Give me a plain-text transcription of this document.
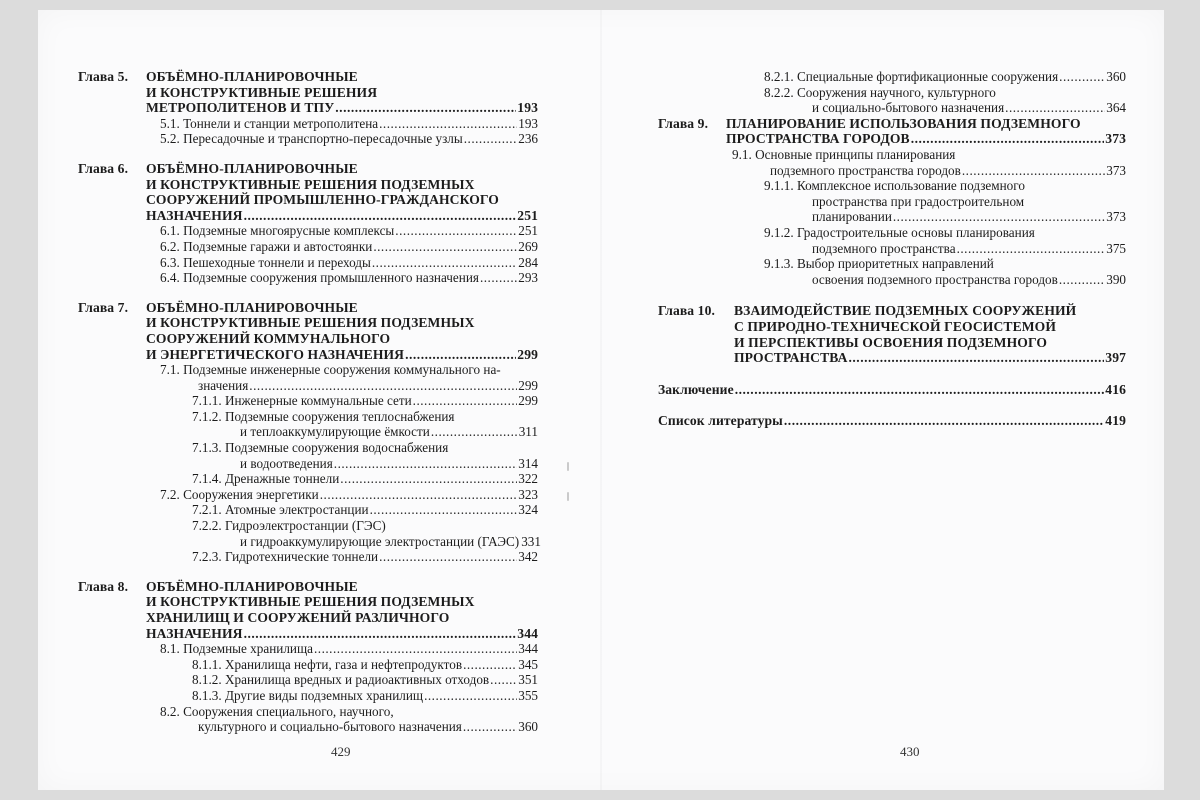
Глава 5.	ОБЪЁМНО-ПЛАНИРОВОЧНЫЕ
И КОНСТРУКТИВНЫЕ РЕШЕНИЯ
МЕТРОПОЛИТЕНОВ И ТПУ .....	193
5.1. Тоннели и станции метрополитена .....	193
5.2. Пересадочные и транспортно-пересадочные узлы .....	236
Глава 6.	ОБЪЁМНО-ПЛАНИРОВОЧНЫЕ
И КОНСТРУКТИВНЫЕ РЕШЕНИЯ ПОДЗЕМНЫХ
СООРУЖЕНИЙ ПРОМЫШЛЕННО-ГРАЖДАНСКОГО
НАЗНАЧЕНИЯ .....	251
6.1. Подземные многоярусные комплексы .....	251
6.2. Подземные гаражи и автостоянки .....	269
6.3. Пешеходные тоннели и переходы .....	284
6.4. Подземные сооружения промышленного назначения .....	293
Глава 7.	ОБЪЁМНО-ПЛАНИРОВОЧНЫЕ
И КОНСТРУКТИВНЫЕ РЕШЕНИЯ ПОДЗЕМНЫХ
СООРУЖЕНИЙ КОММУНАЛЬНОГО
И ЭНЕРГЕТИЧЕСКОГО НАЗНАЧЕНИЯ .....	299
7.1. Подземные инженерные сооружения коммунального на-
значения .....	299
7.1.1. Инженерные коммунальные сети .....	299
7.1.2. Подземные сооружения теплоснабжения
и теплоаккумулирующие ёмкости .....	311
7.1.3. Подземные сооружения водоснабжения
и водоотведения .....	314
7.1.4. Дренажные тоннели .....	322
7.2. Сооружения энергетики .....	323
7.2.1. Атомные электростанции .....	324
7.2.2. Гидроэлектростанции (ГЭС)
и гидроаккумулирующие электростанции (ГАЭС) 331
7.2.3. Гидротехнические тоннели .....	342
Глава 8.	ОБЪЁМНО-ПЛАНИРОВОЧНЫЕ
И КОНСТРУКТИВНЫЕ РЕШЕНИЯ ПОДЗЕМНЫХ
ХРАНИЛИЩ И СООРУЖЕНИЙ РАЗЛИЧНОГО
НАЗНАЧЕНИЯ .....	344
8.1. Подземные хранилища .....	344
8.1.1. Хранилища нефти, газа и нефтепродуктов .....	345
8.1.2. Хранилища вредных и радиоактивных отходов ..... 351
8.1.3. Другие виды подземных хранилищ .....	355
8.2. Сооружения специального, научного,
культурного и социально-бытового назначения .....	360
429
8.2.1. Специальные фортификационные сооружения .....	360
8.2.2. Сооружения научного, культурного
и социально-бытового назначения .....	364
Глава 9.	ПЛАНИРОВАНИЕ ИСПОЛЬЗОВАНИЯ ПОДЗЕМНОГО
ПРОСТРАНСТВА ГОРОДОВ .....	373
9.1. Основные принципы планирования
подземного пространства городов .....	373
9.1.1. Комплексное использование подземного
пространства при градостроительном
планировании .....	373
9.1.2. Градостроительные основы планирования
подземного пространства .....	375
9.1.3. Выбор приоритетных направлений
освоения подземного пространства городов .....	390
Глава 10.	ВЗАИМОДЕЙСТВИЕ ПОДЗЕМНЫХ СООРУЖЕНИЙ
С ПРИРОДНО-ТЕХНИЧЕСКОЙ ГЕОСИСТЕМОЙ
И ПЕРСПЕКТИВЫ ОСВОЕНИЯ ПОДЗЕМНОГО
ПРОСТРАНСТВА .....	397
Заключение .....	416
Список литературы .....	419
430
